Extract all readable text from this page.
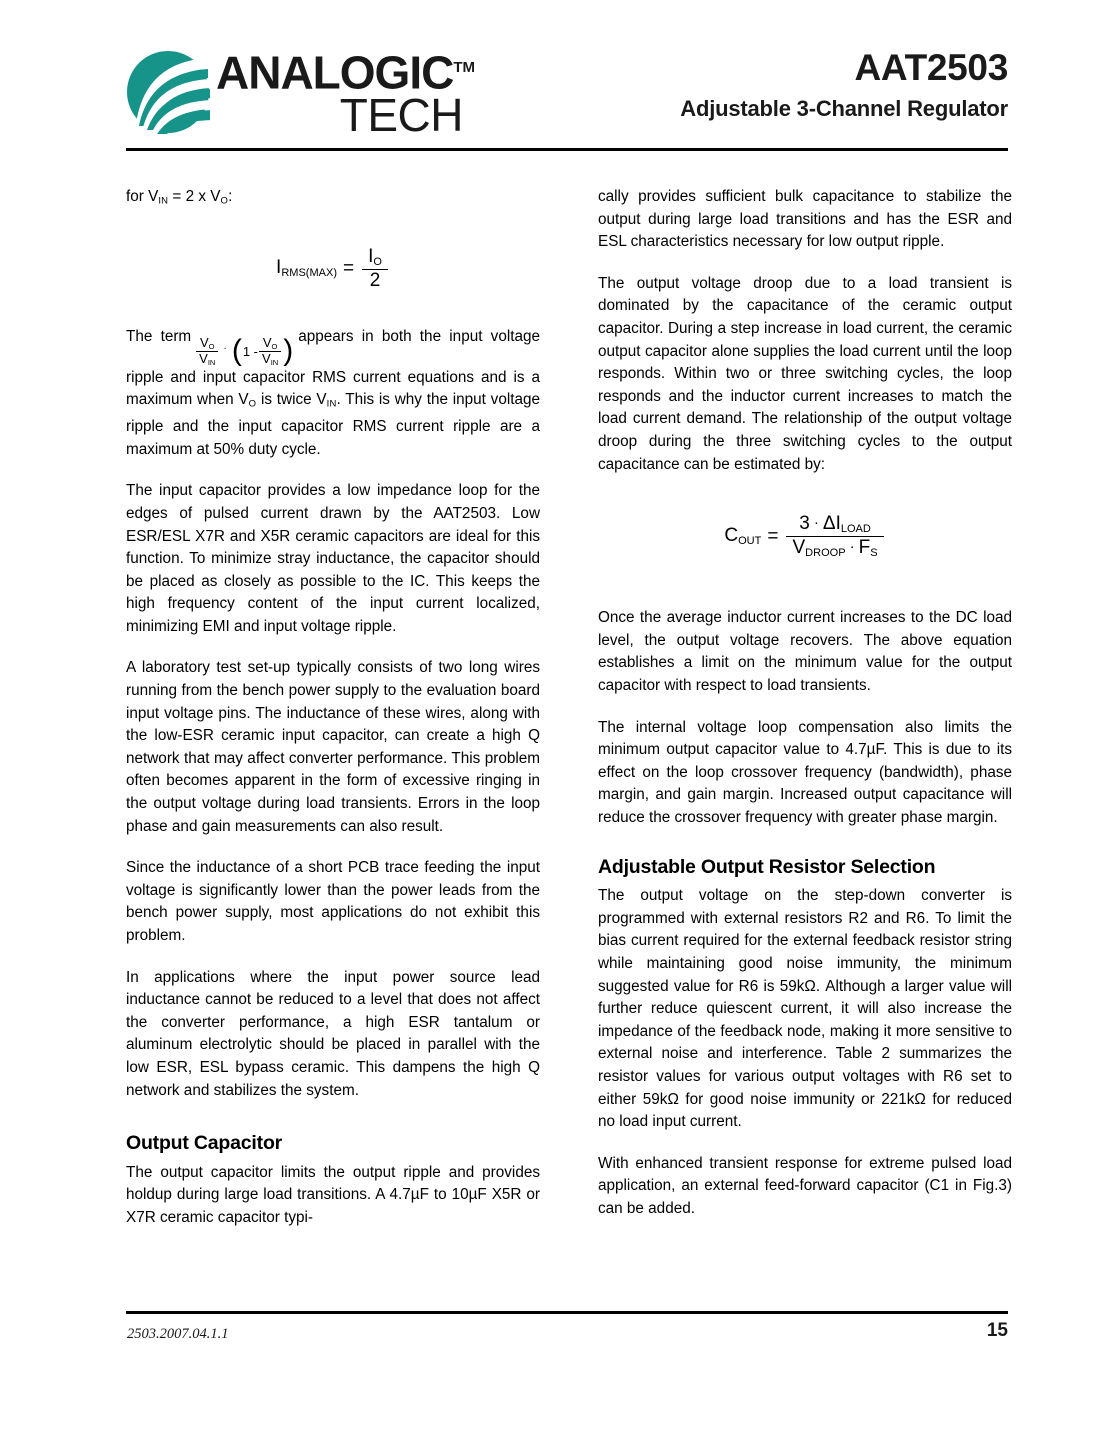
ANALOGIC™
TECH
AAT2503
Adjustable 3-Channel Regulator

for $V_{IN} = 2$ x $V_O$:

$I_{RMS(MAX)} = \frac{I_O}{2}$

The term $\frac{V_O}{V_{IN}}$ · ( $1 - \frac{V_O}{V_{IN}}$ ) appears in both the input voltage ripple and input capacitor RMS current equations and is a maximum when $V_O$ is twice $V_{IN}$. This is why the input voltage ripple and the input capacitor RMS current ripple are a maximum at 50% duty cycle.

The input capacitor provides a low impedance loop for the edges of pulsed current drawn by the AAT2503. Low ESR/ESL X7R and X5R ceramic capacitors are ideal for this function. To minimize stray inductance, the capacitor should be placed as closely as possible to the IC. This keeps the high frequency content of the input current localized, minimizing EMI and input voltage ripple.

A laboratory test set-up typically consists of two long wires running from the bench power supply to the evaluation board input voltage pins. The inductance of these wires, along with the low-ESR ceramic input capacitor, can create a high Q network that may affect converter performance. This problem often becomes apparent in the form of excessive ringing in the output voltage during load transients. Errors in the loop phase and gain measurements can also result.

Since the inductance of a short PCB trace feeding the input voltage is significantly lower than the power leads from the bench power supply, most applications do not exhibit this problem.

In applications where the input power source lead inductance cannot be reduced to a level that does not affect the converter performance, a high ESR tantalum or aluminum electrolytic should be placed in parallel with the low ESR, ESL bypass ceramic. This dampens the high Q network and stabilizes the system.

Output Capacitor

The output capacitor limits the output ripple and provides holdup during large load transitions. A 4.7µF to 10µF X5R or X7R ceramic capacitor typi-

cally provides sufficient bulk capacitance to stabilize the output during large load transitions and has the ESR and ESL characteristics necessary for low output ripple.

The output voltage droop due to a load transient is dominated by the capacitance of the ceramic output capacitor. During a step increase in load current, the ceramic output capacitor alone supplies the load current until the loop responds. Within two or three switching cycles, the loop responds and the inductor current increases to match the load current demand. The relationship of the output voltage droop during the three switching cycles to the output capacitance can be estimated by:

$C_{OUT} = \frac{3 \cdot \Delta I_{LOAD}}{V_{DROOP} \cdot F_S}$

Once the average inductor current increases to the DC load level, the output voltage recovers. The above equation establishes a limit on the minimum value for the output capacitor with respect to load transients.

The internal voltage loop compensation also limits the minimum output capacitor value to 4.7µF. This is due to its effect on the loop crossover frequency (bandwidth), phase margin, and gain margin. Increased output capacitance will reduce the crossover frequency with greater phase margin.

Adjustable Output Resistor Selection

The output voltage on the step-down converter is programmed with external resistors R2 and R6. To limit the bias current required for the external feedback resistor string while maintaining good noise immunity, the minimum suggested value for R6 is 59kΩ. Although a larger value will further reduce quiescent current, it will also increase the impedance of the feedback node, making it more sensitive to external noise and interference. Table 2 summarizes the resistor values for various output voltages with R6 set to either 59kΩ for good noise immunity or 221kΩ for reduced no load input current.

With enhanced transient response for extreme pulsed load application, an external feed-forward capacitor (C1 in Fig.3) can be added.

2503.2007.04.1.1	15
